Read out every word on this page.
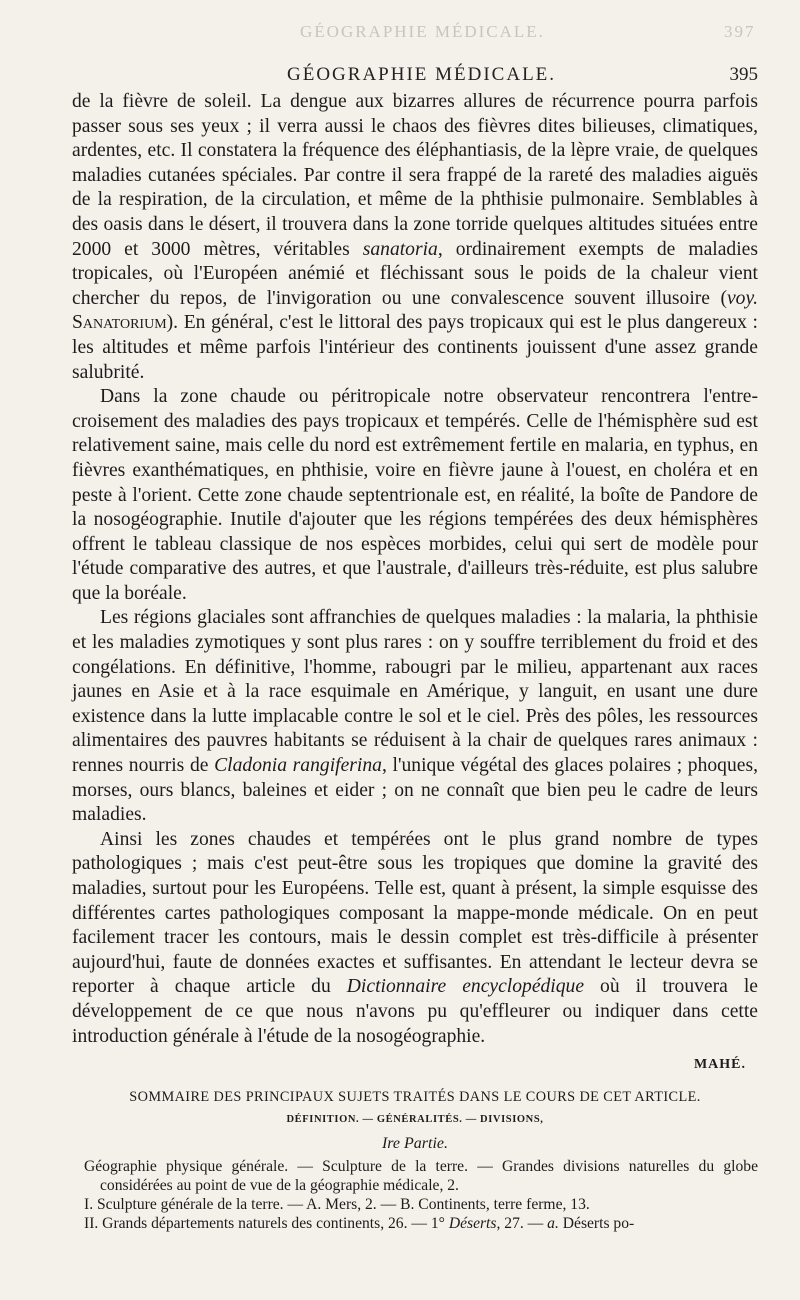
GÉOGRAPHIE MÉDICALE.	397
GÉOGRAPHIE MÉDICALE.	395

de la fièvre de soleil. La dengue aux bizarres allures de récurrence pourra parfois passer sous ses yeux ; il verra aussi le chaos des fièvres dites bilieuses, climatiques, ardentes, etc. Il constatera la fréquence des éléphantiasis, de la lèpre vraie, de quelques maladies cutanées spéciales. Par contre il sera frappé de la rareté des maladies aiguës de la respiration, de la circulation, et même de la phthisie pulmonaire. Semblables à des oasis dans le désert, il trouvera dans la zone torride quelques altitudes situées entre 2000 et 3000 mètres, véritables sanatoria, ordinairement exempts de maladies tropicales, où l'Européen anémié et fléchissant sous le poids de la chaleur vient chercher du repos, de l'invigoration ou une convalescence souvent illusoire (voy. Sanatorium). En général, c'est le littoral des pays tropicaux qui est le plus dangereux : les altitudes et même parfois l'intérieur des continents jouissent d'une assez grande salubrité.

Dans la zone chaude ou péritropicale notre observateur rencontrera l'entre-croisement des maladies des pays tropicaux et tempérés. Celle de l'hémisphère sud est relativement saine, mais celle du nord est extrêmement fertile en malaria, en typhus, en fièvres exanthématiques, en phthisie, voire en fièvre jaune à l'ouest, en choléra et en peste à l'orient. Cette zone chaude septentrionale est, en réalité, la boîte de Pandore de la nosogéographie. Inutile d'ajouter que les régions tempérées des deux hémisphères offrent le tableau classique de nos espèces morbides, celui qui sert de modèle pour l'étude comparative des autres, et que l'australe, d'ailleurs très-réduite, est plus salubre que la boréale.

Les régions glaciales sont affranchies de quelques maladies : la malaria, la phthisie et les maladies zymotiques y sont plus rares : on y souffre terriblement du froid et des congélations. En définitive, l'homme, rabougri par le milieu, appartenant aux races jaunes en Asie et à la race esquimale en Amérique, y languit, en usant une dure existence dans la lutte implacable contre le sol et le ciel. Près des pôles, les ressources alimentaires des pauvres habitants se réduisent à la chair de quelques rares animaux : rennes nourris de Cladonia rangiferina, l'unique végétal des glaces polaires ; phoques, morses, ours blancs, baleines et eider ; on ne connaît que bien peu le cadre de leurs maladies.

Ainsi les zones chaudes et tempérées ont le plus grand nombre de types pathologiques ; mais c'est peut-être sous les tropiques que domine la gravité des maladies, surtout pour les Européens. Telle est, quant à présent, la simple esquisse des différentes cartes pathologiques composant la mappe-monde médicale. On en peut facilement tracer les contours, mais le dessin complet est très-difficile à présenter aujourd'hui, faute de données exactes et suffisantes. En attendant le lecteur devra se reporter à chaque article du Dictionnaire encyclopédique où il trouvera le développement de ce que nous n'avons pu qu'effleurer ou indiquer dans cette introduction générale à l'étude de la nosogéographie.

MAHÉ.
SOMMAIRE DES PRINCIPAUX SUJETS TRAITÉS DANS LE COURS DE CET ARTICLE.
DÉFINITION. — GÉNÉRALITÉS. — DIVISIONS,
Ire Partie.

Géographie physique générale. — Sculpture de la terre. — Grandes divisions naturelles du globe considérées au point de vue de la géographie médicale, 2.

I. Sculpture générale de la terre. — A. Mers, 2. — B. Continents, terre ferme, 13.

II. Grands départements naturels des continents, 26. — 1° Déserts, 27. — a. Déserts po-
